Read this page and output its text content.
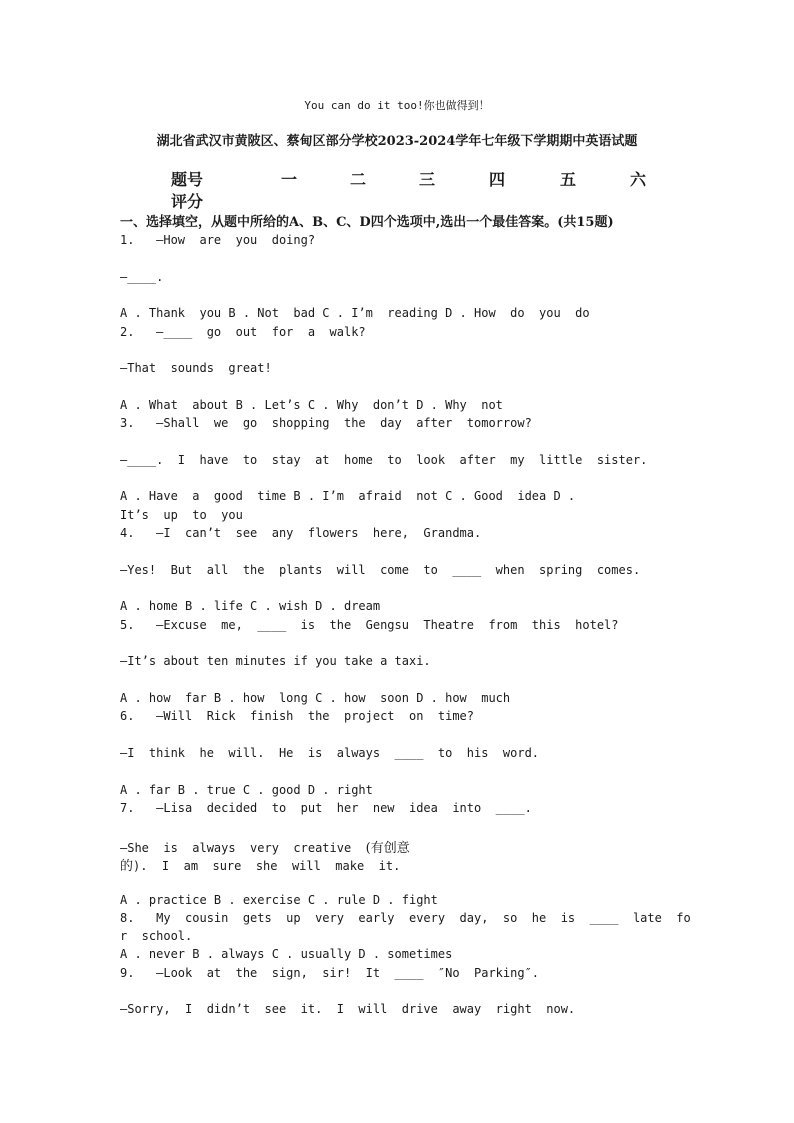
You can do it too!你也做得到！
湖北省武汉市黄陂区、蔡甸区部分学校2023-2024学年七年级下学期期中英语试题
题号	一	二	三	四	五	六
评分
一、选择填空，从题中所给的A、B、C、D四个选项中,选出一个最佳答案。(共15题)
1.   —How  are  you  doing?
—____.
A . Thank  you B . Not  bad C . I’m  reading D . How  do  you  do
2.   —____  go  out  for  a  walk?
—That  sounds  great!
A . What  about B . Let’s C . Why  don’t D . Why  not
3.   —Shall  we  go  shopping  the  day  after  tomorrow?
—____.  I  have  to  stay  at  home  to  look  after  my  little  sister.
A . Have  a  good  time B . I’m  afraid  not C . Good  idea D .
It’s  up  to  you
4.   —I  can’t  see  any  flowers  here,  Grandma.
—Yes!  But  all  the  plants  will  come  to  ____  when  spring  comes.
A . home B . life C . wish D . dream
5.   —Excuse  me,  ____  is  the  Gengsu  Theatre  from  this  hotel?
—It’s about ten minutes if you take a taxi.
A . how  far B . how  long C . how  soon D . how  much
6.   —Will  Rick  finish  the  project  on  time?
—I  think  he  will.  He  is  always  ____  to  his  word.
A . far B . true C . good D . right
7.   —Lisa  decided  to  put  her  new  idea  into  ____.
—She  is  always  very  creative  (有创意
的).  I  am  sure  she  will  make  it.
A . practice B . exercise C . rule D . fight
8.   My  cousin  gets  up  very  early  every  day,  so  he  is  ____  late  fo
r  school.
A . never B . always C . usually D . sometimes
9.   —Look  at  the  sign,  sir!  It  ____  ″No  Parking″.
—Sorry,  I  didn’t  see  it.  I  will  drive  away  right  now.
